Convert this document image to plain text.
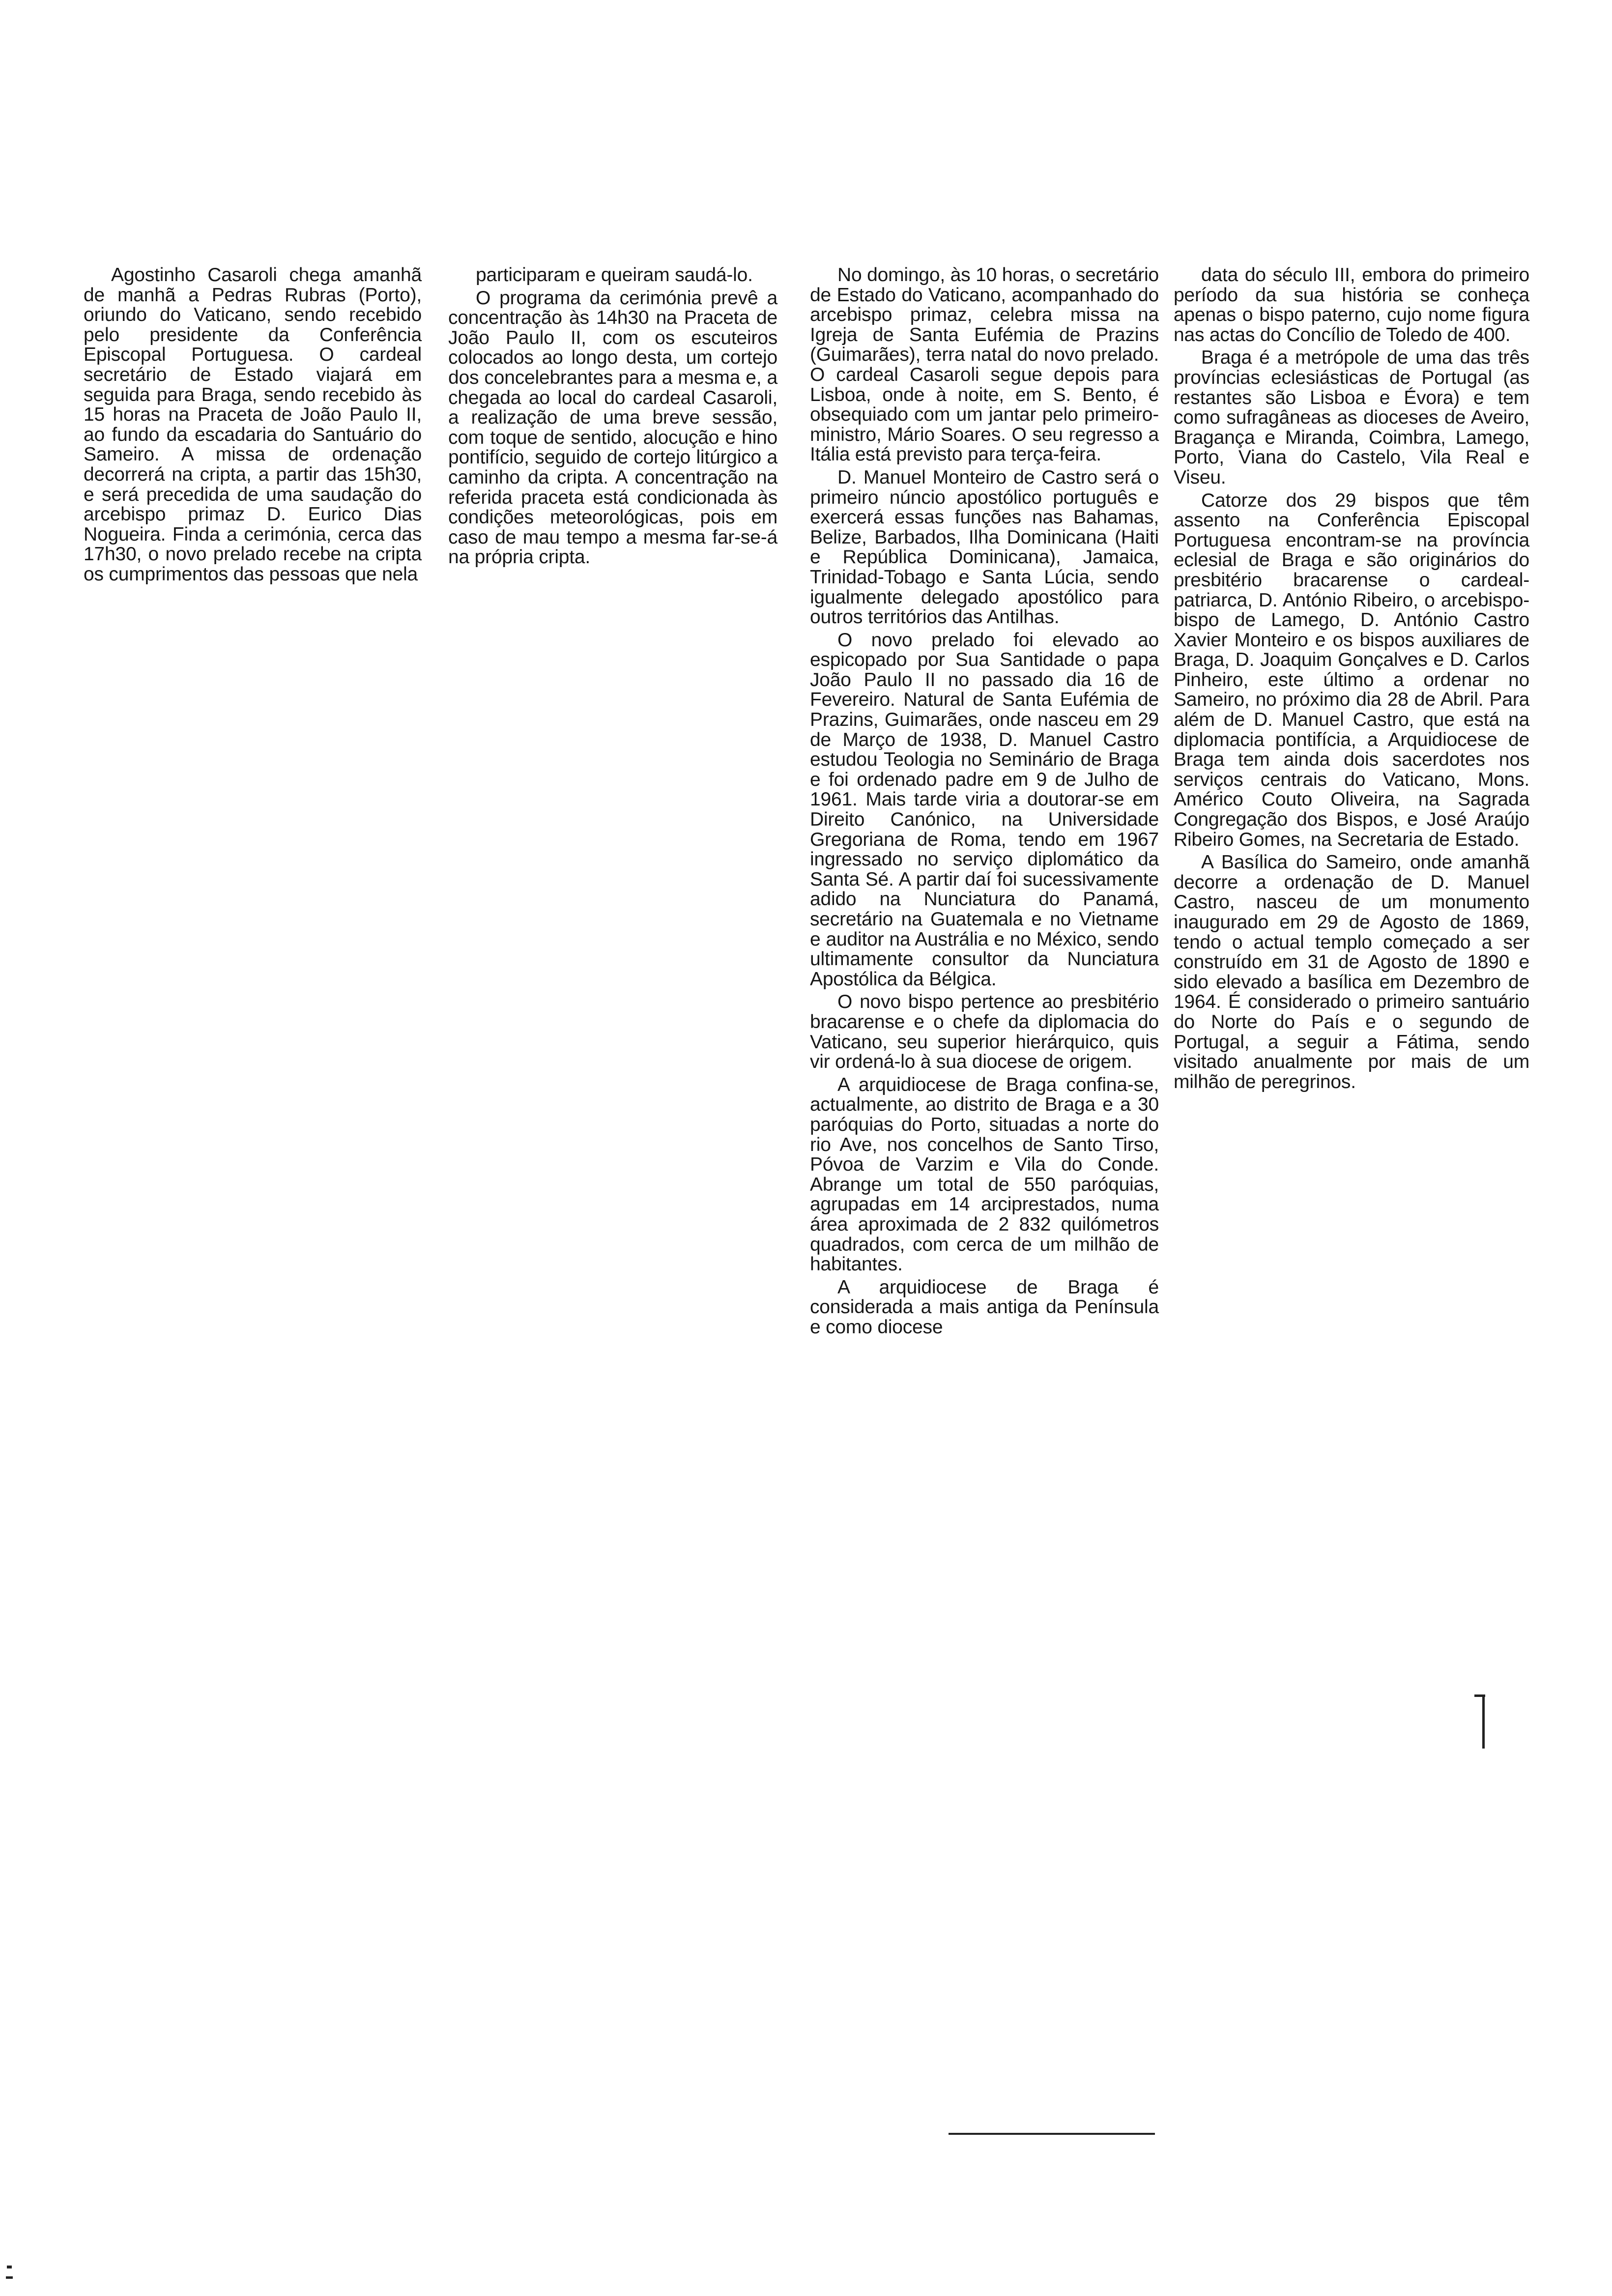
Agostinho Casaroli chega amanhã de manhã a Pedras Rubras (Porto), oriundo do Vaticano, sendo recebido pelo presidente da Conferência Episcopal Portuguesa. O cardeal secretário de Estado viajará em seguida para Braga, sendo recebido às 15 horas na Praceta de João Paulo II, ao fundo da escadaria do Santuário do Sameiro. A missa de ordenação decorrerá na cripta, a partir das 15h30, e será precedida de uma saudação do arcebispo primaz D. Eurico Dias Nogueira. Finda a cerimónia, cerca das 17h30, o novo prelado recebe na cripta os cumprimentos das pessoas que nela

participaram e queiram saudá-lo.

O programa da cerimónia prevê a concentração às 14h30 na Praceta de João Paulo II, com os escuteiros colocados ao longo desta, um cortejo dos concelebrantes para a mesma e, a chegada ao local do cardeal Casaroli, a realização de uma breve sessão, com toque de sentido, alocução e hino pontifício, seguido de cortejo litúrgico a caminho da cripta. A concentração na referida praceta está condicionada às condições meteorológicas, pois em caso de mau tempo a mesma far-se-á na própria cripta.

No domingo, às 10 horas, o secretário de Estado do Vaticano, acompanhado do arcebispo primaz, celebra missa na Igreja de Santa Eufémia de Prazins (Guimarães), terra natal do novo prelado. O cardeal Casaroli segue depois para Lisboa, onde à noite, em S. Bento, é obsequiado com um jantar pelo primeiro-ministro, Mário Soares. O seu regresso a Itália está previsto para terça-feira.

D. Manuel Monteiro de Castro será o primeiro núncio apostólico português e exercerá essas funções nas Bahamas, Belize, Barbados, Ilha Dominicana (Haiti e República Dominicana), Jamaica, Trinidad-Tobago e Santa Lúcia, sendo igualmente delegado apostólico para outros territórios das Antilhas.

O novo prelado foi elevado ao espicopado por Sua Santidade o papa João Paulo II no passado dia 16 de Fevereiro. Natural de Santa Eufémia de Prazins, Guimarães, onde nasceu em 29 de Março de 1938, D. Manuel Castro estudou Teologia no Seminário de Braga e foi ordenado padre em 9 de Julho de 1961. Mais tarde viria a doutorar-se em Direito Canónico, na Universidade Gregoriana de Roma, tendo em 1967 ingressado no serviço diplomático da Santa Sé. A partir daí foi sucessivamente adido na Nunciatura do Panamá, secretário na Guatemala e no Vietname e auditor na Austrália e no México, sendo ultimamente consultor da Nunciatura Apostólica da Bélgica.

O novo bispo pertence ao presbitério bracarense e o chefe da diplomacia do Vaticano, seu superior hierárquico, quis vir ordená-lo à sua diocese de origem.

A arquidiocese de Braga confina-se, actualmente, ao distrito de Braga e a 30 paróquias do Porto, situadas a norte do rio Ave, nos concelhos de Santo Tirso, Póvoa de Varzim e Vila do Conde. Abrange um total de 550 paróquias, agrupadas em 14 arciprestados, numa área aproximada de 2 832 quilómetros quadrados, com cerca de um milhão de habitantes.

A arquidiocese de Braga é considerada a mais antiga da Península e como diocese

data do século III, embora do primeiro período da sua história se conheça apenas o bispo paterno, cujo nome figura nas actas do Concílio de Toledo de 400.

Braga é a metrópole de uma das três províncias eclesiásticas de Portugal (as restantes são Lisboa e Évora) e tem como sufragâneas as dioceses de Aveiro, Bragança e Miranda, Coimbra, Lamego, Porto, Viana do Castelo, Vila Real e Viseu.

Catorze dos 29 bispos que têm assento na Conferência Episcopal Portuguesa encontram-se na província eclesial de Braga e são originários do presbitério bracarense o cardeal-patriarca, D. António Ribeiro, o arcebispo-bispo de Lamego, D. António Castro Xavier Monteiro e os bispos auxiliares de Braga, D. Joaquim Gonçalves e D. Carlos Pinheiro, este último a ordenar no Sameiro, no próximo dia 28 de Abril. Para além de D. Manuel Castro, que está na diplomacia pontifícia, a Arquidiocese de Braga tem ainda dois sacerdotes nos serviços centrais do Vaticano, Mons. Américo Couto Oliveira, na Sagrada Congregação dos Bispos, e José Araújo Ribeiro Gomes, na Secretaria de Estado.

A Basílica do Sameiro, onde amanhã decorre a ordenação de D. Manuel Castro, nasceu de um monumento inaugurado em 29 de Agosto de 1869, tendo o actual templo começado a ser construído em 31 de Agosto de 1890 e sido elevado a basílica em Dezembro de 1964. É considerado o primeiro santuário do Norte do País e o segundo de Portugal, a seguir a Fátima, sendo visitado anualmente por mais de um milhão de peregrinos.
